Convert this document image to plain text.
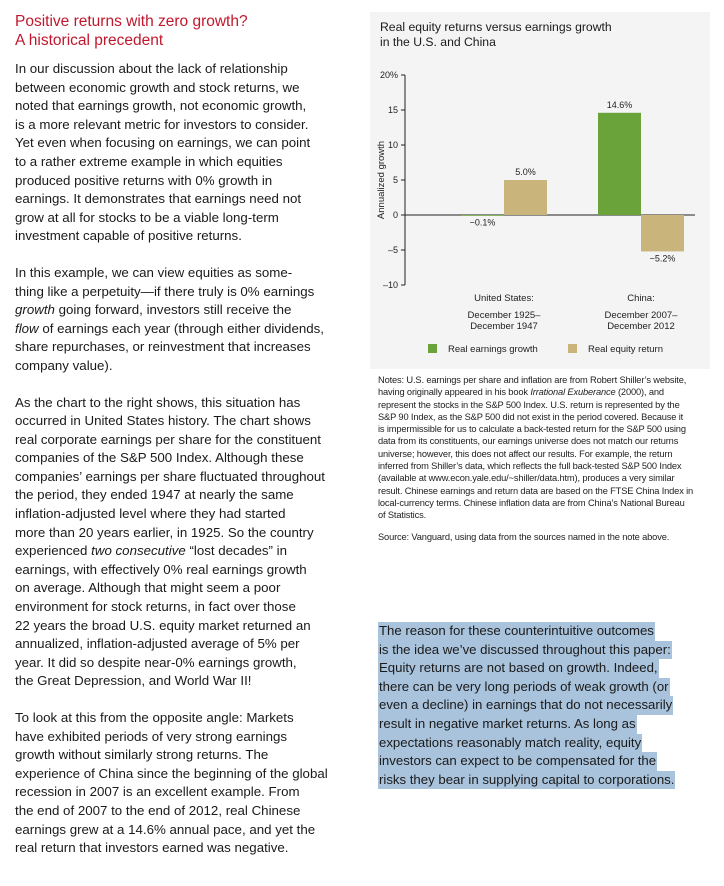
Positive returns with zero growth?
A historical precedent

In our discussion about the lack of relationship
between economic growth and stock returns, we
noted that earnings growth, not economic growth,
is a more relevant metric for investors to consider.
Yet even when focusing on earnings, we can point
to a rather extreme example in which equities
produced positive returns with 0% growth in
earnings. It demonstrates that earnings need not
grow at all for stocks to be a viable long-term
investment capable of positive returns.

In this example, we can view equities as some-
thing like a perpetuity—if there truly is 0% earnings
growth going forward, investors still receive the
flow of earnings each year (through either dividends,
share repurchases, or reinvestment that increases
company value).

As the chart to the right shows, this situation has
occurred in United States history. The chart shows
real corporate earnings per share for the constituent
companies of the S&P 500 Index. Although these
companies’ earnings per share fluctuated throughout
the period, they ended 1947 at nearly the same
inflation-adjusted level where they had started
more than 20 years earlier, in 1925. So the country
experienced two consecutive “lost decades” in
earnings, with effectively 0% real earnings growth
on average. Although that might seem a poor
environment for stock returns, in fact over those
22 years the broad U.S. equity market returned an
annualized, inflation-adjusted average of 5% per
year. It did so despite near-0% earnings growth,
the Great Depression, and World War II!

To look at this from the opposite angle: Markets
have exhibited periods of very strong earnings
growth without similarly strong returns. The
experience of China since the beginning of the global
recession in 2007 is an excellent example. From
the end of 2007 to the end of 2012, real Chinese
earnings grew at a 14.6% annual pace, and yet the
real return that investors earned was negative.

Real equity returns versus earnings growth
in the U.S. and China
20%
15
10
5
0
–5
–10
Annualized growth
−0.1%
5.0%
United States:
December 1925–
December 1947
14.6%
−5.2%
China:
December 2007–
December 2012
Real earnings growth	Real equity return
Notes: U.S. earnings per share and inflation are from Robert Shiller’s website,
having originally appeared in his book Irrational Exuberance (2000), and
represent the stocks in the S&P 500 Index. U.S. return is represented by the
S&P 90 Index, as the S&P 500 did not exist in the period covered. Because it
is impermissible for us to calculate a back-tested return for the S&P 500 using
data from its constituents, our earnings universe does not match our returns
universe; however, this does not affect our results. For example, the return
inferred from Shiller’s data, which reflects the full back-tested S&P 500 Index
(available at www.econ.yale.edu/~shiller/data.htm), produces a very similar
result. Chinese earnings and return data are based on the FTSE China Index in
local-currency terms. Chinese inflation data are from China’s National Bureau
of Statistics.
Source: Vanguard, using data from the sources named in the note above.
The reason for these counterintuitive outcomes is the idea we’ve discussed throughout this paper: Equity returns are not based on growth. Indeed, there can be very long periods of weak growth (or even a decline) in earnings that do not necessarily result in negative market returns. As long as expectations reasonably match reality, equity investors can expect to be compensated for the risks they bear in supplying capital to corporations.
